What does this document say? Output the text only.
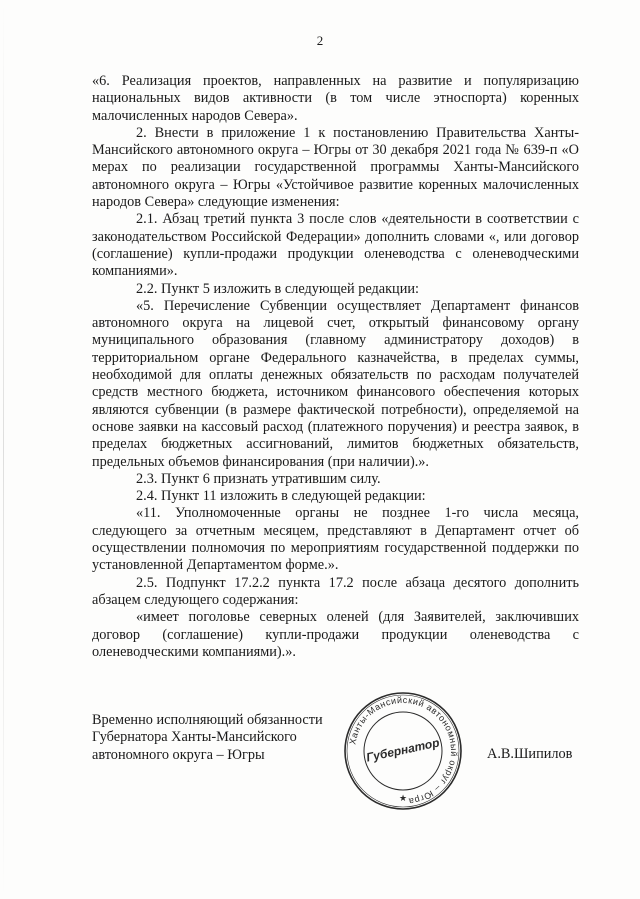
2

«6. Реализация проектов, направленных на развитие и популяризацию национальных видов активности (в том числе этноспорта) коренных малочисленных народов Севера».

2. Внести в приложение 1 к постановлению Правительства Ханты-Мансийского автономного округа – Югры от 30 декабря 2021 года № 639-п «О мерах по реализации государственной программы Ханты-Мансийского автономного округа – Югры «Устойчивое развитие коренных малочисленных народов Севера» следующие изменения:

2.1. Абзац третий пункта 3 после слов «деятельности в соответствии с законодательством Российской Федерации» дополнить словами «, или договор (соглашение) купли-продажи продукции оленеводства с оленеводческими компаниями».

2.2. Пункт 5 изложить в следующей редакции:

«5. Перечисление Субвенции осуществляет Департамент финансов автономного округа на лицевой счет, открытый финансовому органу муниципального образования (главному администратору доходов) в территориальном органе Федерального казначейства, в пределах суммы, необходимой для оплаты денежных обязательств по расходам получателей средств местного бюджета, источником финансового обеспечения которых являются субвенции (в размере фактической потребности), определяемой на основе заявки на кассовый расход (платежного поручения) и реестра заявок, в пределах бюджетных ассигнований, лимитов бюджетных обязательств, предельных объемов финансирования (при наличии).».

2.3. Пункт 6 признать утратившим силу.

2.4. Пункт 11 изложить в следующей редакции:

«11. Уполномоченные органы не позднее 1-го числа месяца, следующего за отчетным месяцем, представляют в Департамент отчет об осуществлении полномочия по мероприятиям государственной поддержки по установленной Департаментом форме.».

2.5. Подпункт 17.2.2 пункта 17.2 после абзаца десятого дополнить абзацем следующего содержания:

«имеет поголовье северных оленей (для Заявителей, заключивших договор (соглашение) купли-продажи продукции оленеводства с оленеводческими компаниями).».

Временно исполняющий обязанности
Губернатора Ханты-Мансийского
автономного округа – Югры
Ханты-Мансийский автономный округ – Югра
Губернатор
★
А.В.Шипилов
